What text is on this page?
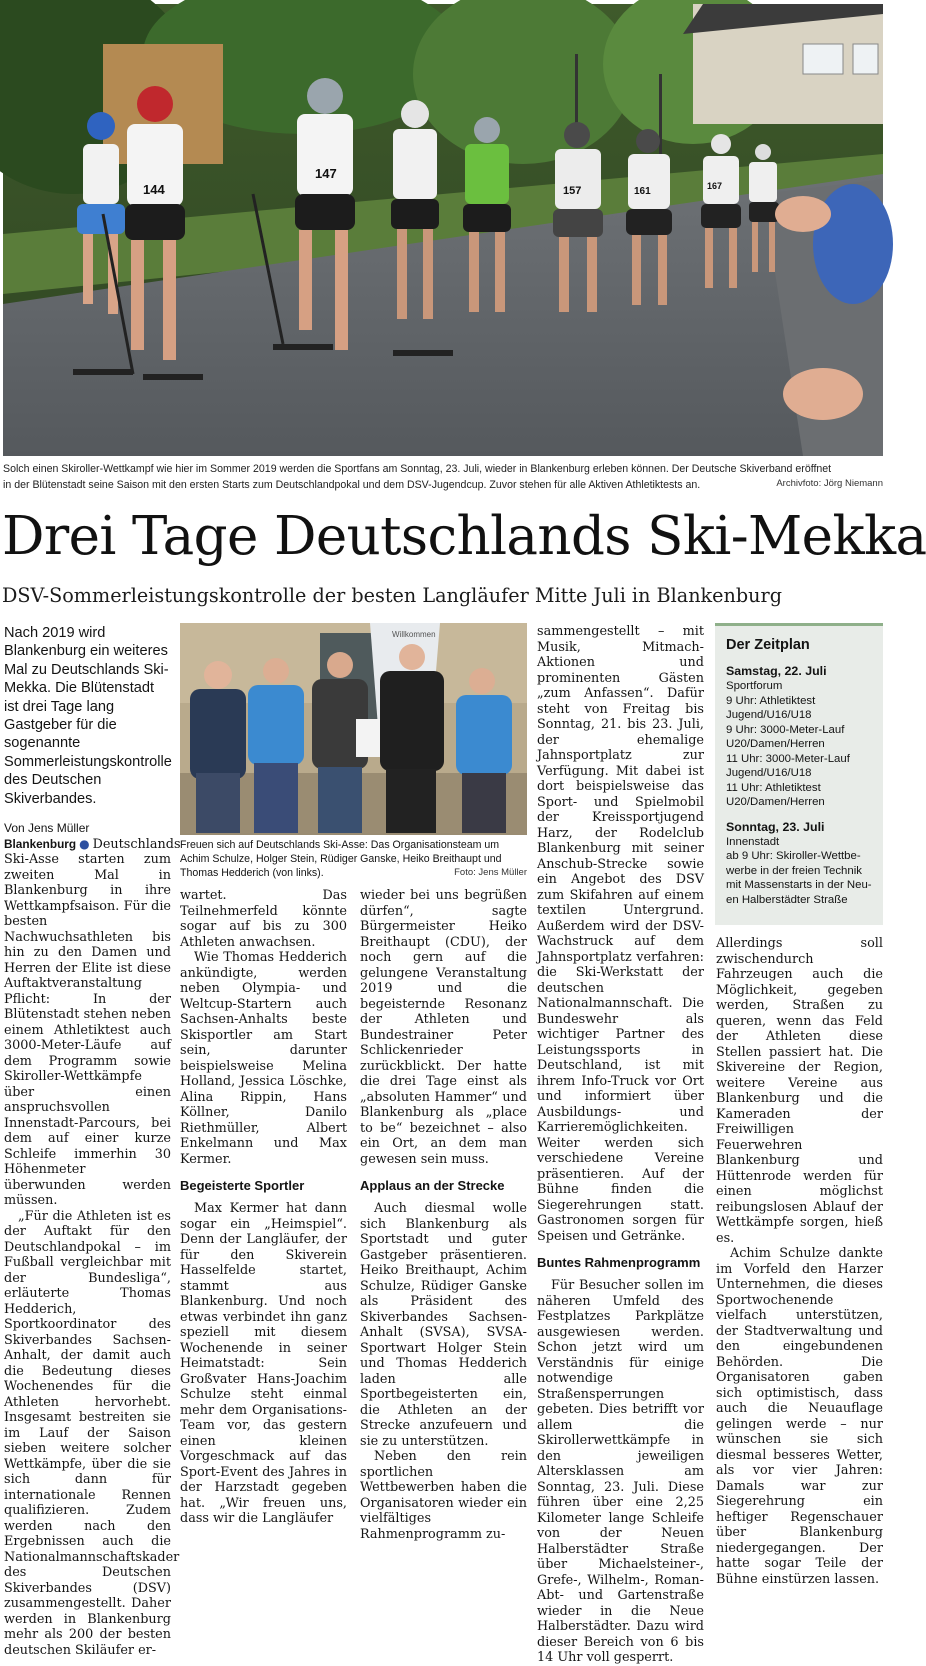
144
147
157	161	167
Solch einen Skiroller-Wettkampf wie hier im Sommer 2019 werden die Sportfans am Sonntag, 23. Juli, wieder in Blankenburg erleben können. Der Deutsche Skiverband eröffnet
in der Blütenstadt seine Saison mit den ersten Starts zum Deutschlandpokal und dem DSV-Jugendcup. Zuvor stehen für alle Aktiven Athletiktests an.	Archivfoto: Jörg Niemann
Drei Tage Deutschlands Ski-Mekka
DSV-Sommerleistungskontrolle der besten Langläufer Mitte Juli in Blankenburg
Nach 2019 wird Blankenburg ein weiteres Mal zu Deutschlands Ski-Mekka. Die Blütenstadt ist drei Tage lang Gastgeber für die sogenannte Sommerleistungskontrolle des Deutschen Skiverbandes.
Von Jens Müller

Blankenburg ● Deutschlands Ski-Asse starten zum zweiten Mal in Blankenburg in ihre Wettkampfsaison. Für die besten Nachwuchsathleten bis hin zu den Damen und Herren der Elite ist diese Auftaktveranstaltung Pflicht: In der Blütenstadt stehen neben einem Athletiktest auch 3000-Meter-Läufe auf dem Programm sowie Skiroller-Wettkämpfe über einen anspruchsvollen Innenstadt-Parcours, bei dem auf einer kurze Schleife immerhin 30 Höhenmeter überwunden werden müssen.

„Für die Athleten ist es der Auftakt für den Deutschlandpokal – im Fußball vergleichbar mit der Bundesliga“, erläuterte Thomas Hedderich, Sportkoordinator des Skiverbandes Sachsen-Anhalt, der damit auch die Bedeutung dieses Wochenendes für die Athleten hervorhebt. Insgesamt bestreiten sie im Lauf der Saison sieben weitere solcher Wettkämpfe, über die sie sich dann für internationale Rennen qualifizieren. Zudem werden nach den Ergebnissen auch die Nationalmannschaftskader des Deutschen Skiverbandes (DSV) zusammengestellt. Daher werden in Blankenburg mehr als 200 der besten deutschen Skiläufer er-

Willkommen
Freuen sich auf Deutschlands Ski-Asse: Das Organisationsteam um Achim Schulze, Holger Stein, Rüdiger Ganske, Heiko Breithaupt und Thomas Hedderich (von links).	Foto: Jens Müller

wartet. Das Teilnehmerfeld könnte sogar auf bis zu 300 Athleten anwachsen.

Wie Thomas Hedderich ankündigte, werden neben Olympia- und Weltcup-Startern auch Sachsen-Anhalts beste Skisportler am Start sein, darunter beispielsweise Melina Holland, Jessica Löschke, Alina Rippin, Hans Köllner, Danilo Riethmüller, Albert Enkelmann und Max Kermer.

Begeisterte Sportler

Max Kermer hat dann sogar ein „Heimspiel“. Denn der Langläufer, der für den Skiverein Hasselfelde startet, stammt aus Blankenburg. Und noch etwas verbindet ihn ganz speziell mit diesem Wochenende in seiner Heimatstadt: Sein Großvater Hans-Joachim Schulze steht einmal mehr dem Organisations-Team vor, das gestern einen kleinen Vorgeschmack auf das Sport-Event des Jahres in der Harzstadt gegeben hat. „Wir freuen uns, dass wir die Langläufer

wieder bei uns begrüßen dürfen“, sagte Bürgermeister Heiko Breithaupt (CDU), der noch gern auf die gelungene Veranstaltung 2019 und die begeisternde Resonanz der Athleten und Bundestrainer Peter Schlickenrieder zurückblickt. Der hatte die drei Tage einst als „absoluten Hammer“ und Blankenburg als „place to be“ bezeichnet – also ein Ort, an dem man gewesen sein muss.

Applaus an der Strecke

Auch diesmal wolle sich Blankenburg als Sportstadt und guter Gastgeber präsentieren. Heiko Breithaupt, Achim Schulze, Rüdiger Ganske als Präsident des Skiverbandes Sachsen-Anhalt (SVSA), SVSA-Sportwart Holger Stein und Thomas Hedderich laden alle Sportbegeisterten ein, die Athleten an der Strecke anzufeuern und sie zu unterstützen.

Neben den rein sportlichen Wettbewerben haben die Organisatoren wieder ein vielfältiges Rahmenprogramm zu-

sammengestellt – mit Musik, Mitmach-Aktionen und prominenten Gästen „zum Anfassen“. Dafür steht von Freitag bis Sonntag, 21. bis 23. Juli, der ehemalige Jahnsportplatz zur Verfügung. Mit dabei ist dort beispielsweise das Sport- und Spielmobil der Kreissportjugend Harz, der Rodelclub Blankenburg mit seiner Anschub-Strecke sowie ein Angebot des DSV zum Skifahren auf einem textilen Untergrund. Außerdem wird der DSV-Wachstruck auf dem Jahnsportplatz verfahren: die Ski-Werkstatt der deutschen Nationalmannschaft. Die Bundeswehr als wichtiger Partner des Leistungssports in Deutschland, ist mit ihrem Info-Truck vor Ort und informiert über Ausbildungs- und Karrieremöglichkeiten. Weiter werden sich verschiedene Vereine präsentieren. Auf der Bühne finden die Siegerehrungen statt. Gastronomen sorgen für Speisen und Getränke.

Buntes Rahmenprogramm

Für Besucher sollen im näheren Umfeld des Festplatzes Parkplätze ausgewiesen werden. Schon jetzt wird um Verständnis für einige notwendige Straßensperrungen gebeten. Dies betrifft vor allem die Skirollerwettkämpfe in den jeweiligen Altersklassen am Sonntag, 23. Juli. Diese führen über eine 2,25 Kilometer lange Schleife von der Neuen Halberstädter Straße über Michaelsteiner-, Grefe-, Wilhelm-, Roman-Abt- und Gartenstraße wieder in die Neue Halberstädter. Dazu wird dieser Bereich von 6 bis 14 Uhr voll gesperrt.

Der Zeitplan
Samstag, 22. Juli
Sportforum
9 Uhr: Athletiktest
Jugend/U16/U18
9 Uhr: 3000-Meter-Lauf
U20/Damen/Herren
11 Uhr: 3000-Meter-Lauf
Jugend/U16/U18
11 Uhr: Athletiktest
U20/Damen/Herren
Sonntag, 23. Juli
Innenstadt
ab 9 Uhr: Skiroller-Wettbe-
werbe in der freien Technik
mit Massenstarts in der Neu-
en Halberstädter Straße

Allerdings soll zwischendurch Fahrzeugen auch die Möglichkeit, gegeben werden, Straßen zu queren, wenn das Feld der Athleten diese Stellen passiert hat. Die Skivereine der Region, weitere Vereine aus Blankenburg und die Kameraden der Freiwilligen Feuerwehren Blankenburg und Hüttenrode werden für einen möglichst reibungslosen Ablauf der Wettkämpfe sorgen, hieß es.

Achim Schulze dankte im Vorfeld den Harzer Unternehmen, die dieses Sportwochenende vielfach unterstützen, der Stadtverwaltung und den eingebundenen Behörden. Die Organisatoren gaben sich optimistisch, dass auch die Neuauflage gelingen werde – nur wünschen sie sich diesmal besseres Wetter, als vor vier Jahren: Damals war zur Siegerehrung ein heftiger Regenschauer über Blankenburg niedergegangen. Der hatte sogar Teile der Bühne einstürzen lassen.
